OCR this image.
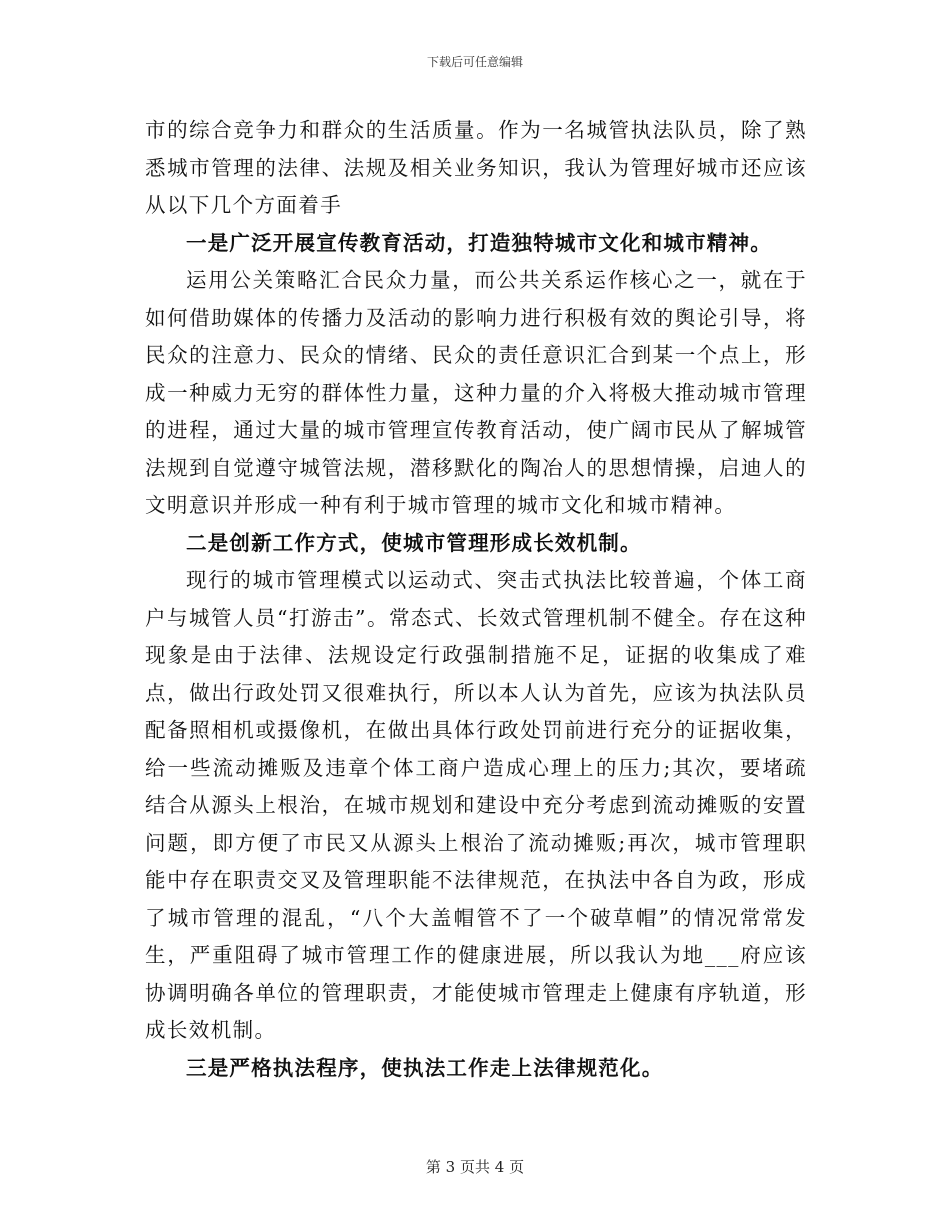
下载后可任意编辑

市的综合竞争力和群众的生活质量。作为一名城管执法队员，除了熟悉城市管理的法律、法规及相关业务知识，我认为管理好城市还应该从以下几个方面着手

一是广泛开展宣传教育活动，打造独特城市文化和城市精神。

运用公关策略汇合民众力量，而公共关系运作核心之一，就在于如何借助媒体的传播力及活动的影响力进行积极有效的舆论引导，将民众的注意力、民众的情绪、民众的责任意识汇合到某一个点上，形成一种威力无穷的群体性力量，这种力量的介入将极大推动城市管理的进程，通过大量的城市管理宣传教育活动，使广阔市民从了解城管法规到自觉遵守城管法规，潜移默化的陶冶人的思想情操，启迪人的文明意识并形成一种有利于城市管理的城市文化和城市精神。

二是创新工作方式，使城市管理形成长效机制。

现行的城市管理模式以运动式、突击式执法比较普遍，个体工商户与城管人员“打游击”。常态式、长效式管理机制不健全。存在这种现象是由于法律、法规设定行政强制措施不足，证据的收集成了难点，做出行政处罚又很难执行，所以本人认为首先，应该为执法队员配备照相机或摄像机，在做出具体行政处罚前进行充分的证据收集，给一些流动摊贩及违章个体工商户造成心理上的压力;其次，要堵疏结合从源头上根治，在城市规划和建设中充分考虑到流动摊贩的安置问题，即方便了市民又从源头上根治了流动摊贩;再次，城市管理职能中存在职责交叉及管理职能不法律规范，在执法中各自为政，形成了城市管理的混乱，“八个大盖帽管不了一个破草帽”的情况常常发生，严重阻碍了城市管理工作的健康进展，所以我认为地___府应该协调明确各单位的管理职责，才能使城市管理走上健康有序轨道，形成长效机制。

三是严格执法程序，使执法工作走上法律规范化。

第 3 页共 4 页
